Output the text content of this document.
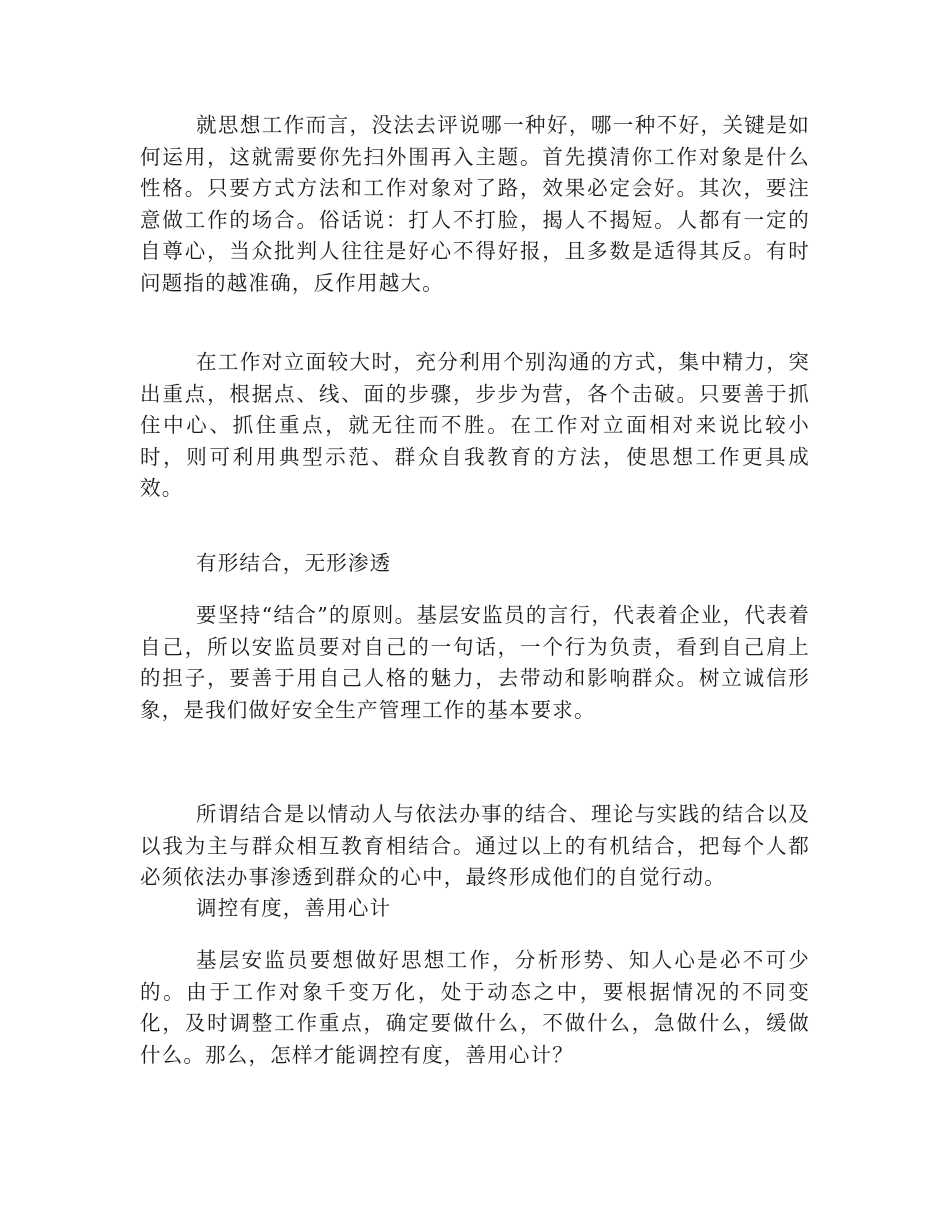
就思想工作而言，没法去评说哪一种好，哪一种不好，关键是如何运用，这就需要你先扫外围再入主题。首先摸清你工作对象是什么性格。只要方式方法和工作对象对了路，效果必定会好。其次，要注意做工作的场合。俗话说：打人不打脸，揭人不揭短。人都有一定的自尊心，当众批判人往往是好心不得好报，且多数是适得其反。有时问题指的越准确，反作用越大。

在工作对立面较大时，充分利用个别沟通的方式，集中精力，突出重点，根据点、线、面的步骤，步步为营，各个击破。只要善于抓住中心、抓住重点，就无往而不胜。在工作对立面相对来说比较小时，则可利用典型示范、群众自我教育的方法，使思想工作更具成效。

有形结合，无形渗透

要坚持“结合”的原则。基层安监员的言行，代表着企业，代表着自己，所以安监员要对自己的一句话，一个行为负责，看到自己肩上的担子，要善于用自己人格的魅力，去带动和影响群众。树立诚信形象，是我们做好安全生产管理工作的基本要求。

所谓结合是以情动人与依法办事的结合、理论与实践的结合以及以我为主与群众相互教育相结合。通过以上的有机结合，把每个人都必须依法办事渗透到群众的心中，最终形成他们的自觉行动。

调控有度，善用心计

基层安监员要想做好思想工作，分析形势、知人心是必不可少的。由于工作对象千变万化，处于动态之中，要根据情况的不同变化，及时调整工作重点，确定要做什么，不做什么，急做什么，缓做什么。那么，怎样才能调控有度，善用心计？
